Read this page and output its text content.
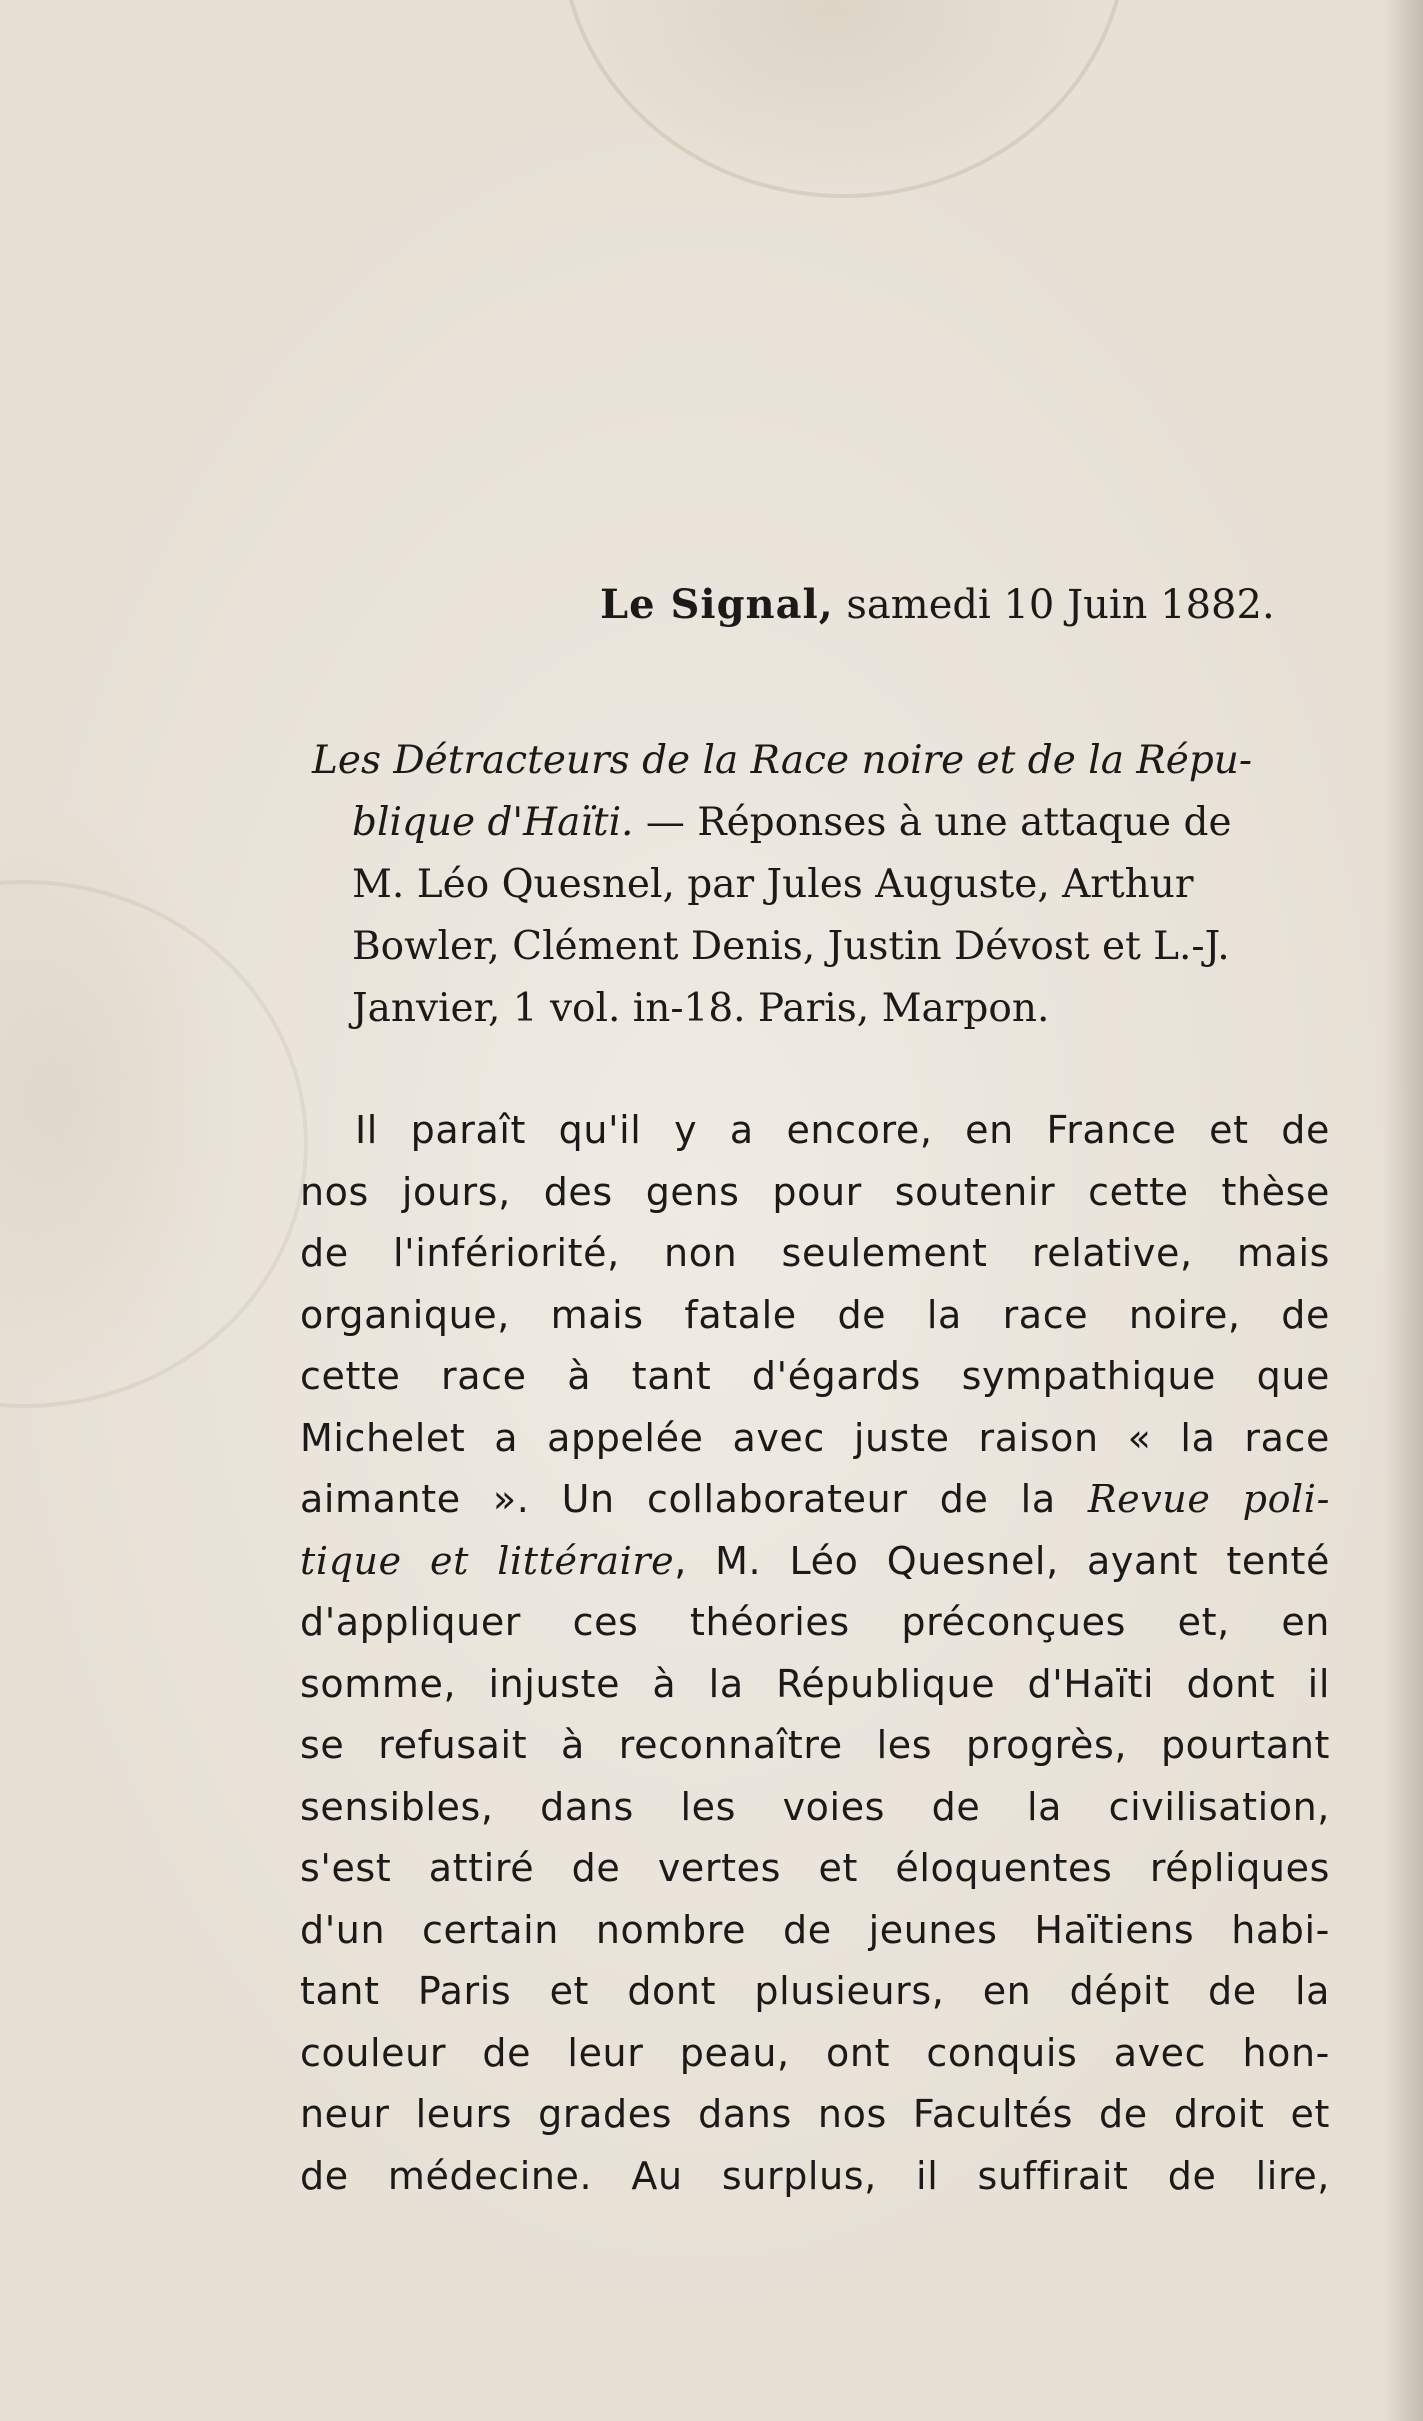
Le Signal, samedi 10 Juin 1882.
Les Détracteurs de la Race noire et de la Répu-
blique d'Haïti. — Réponses à une attaque de
M. Léo Quesnel, par Jules Auguste, Arthur
Bowler, Clément Denis, Justin Dévost et L.-J.
Janvier, 1 vol. in-18. Paris, Marpon.
Il paraît qu'il y a encore, en France et de
nos jours, des gens pour soutenir cette thèse
de l'infériorité, non seulement relative, mais
organique, mais fatale de la race noire, de
cette race à tant d'égards sympathique que
Michelet a appelée avec juste raison « la race
aimante ». Un collaborateur de la Revue poli-
tique et littéraire, M. Léo Quesnel, ayant tenté
d'appliquer ces théories préconçues et, en
somme, injuste à la République d'Haïti dont il
se refusait à reconnaître les progrès, pourtant
sensibles, dans les voies de la civilisation,
s'est attiré de vertes et éloquentes répliques
d'un certain nombre de jeunes Haïtiens habi-
tant Paris et dont plusieurs, en dépit de la
couleur de leur peau, ont conquis avec hon-
neur leurs grades dans nos Facultés de droit et
de médecine. Au surplus, il suffirait de lire,
